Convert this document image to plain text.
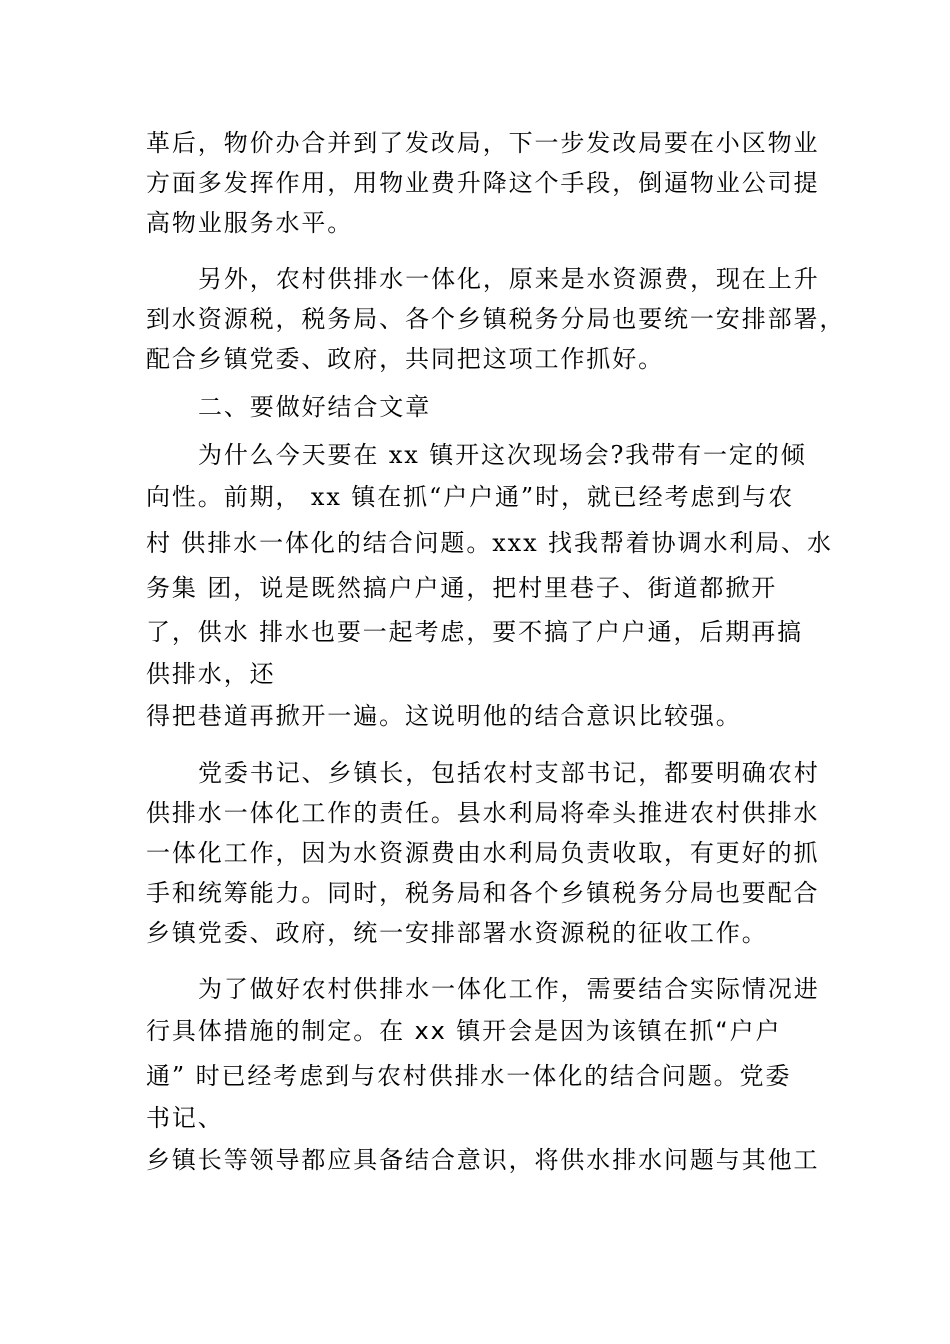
革后，物价办合并到了发改局，下一步发改局要在小区物业
方面多发挥作用，用物业费升降这个手段，倒逼物业公司提
高物业服务水平。
另外，农村供排水一体化，原来是水资源费，现在上升
到水资源税，税务局、各个乡镇税务分局也要统一安排部署，
配合乡镇党委、政府，共同把这项工作抓好。
二、要做好结合文章
为什么今天要在 xx 镇开这次现场会?我带有一定的倾
向性。前期， xx 镇在抓“户户通”时，就已经考虑到与农
村 供排水一体化的结合问题。xxx 找我帮着协调水利局、水
务集 团，说是既然搞户户通，把村里巷子、街道都掀开
了，供水 排水也要一起考虑，要不搞了户户通，后期再搞
供排水，还
得把巷道再掀开一遍。这说明他的结合意识比较强。
党委书记、乡镇长，包括农村支部书记，都要明确农村
供排水一体化工作的责任。县水利局将牵头推进农村供排水
一体化工作，因为水资源费由水利局负责收取，有更好的抓
手和统筹能力。同时，税务局和各个乡镇税务分局也要配合
乡镇党委、政府，统一安排部署水资源税的征收工作。
为了做好农村供排水一体化工作，需要结合实际情况进
行具体措施的制定。在 xx 镇开会是因为该镇在抓“户户
通” 时已经考虑到与农村供排水一体化的结合问题。党委
书记、
乡镇长等领导都应具备结合意识，将供水排水问题与其他工
